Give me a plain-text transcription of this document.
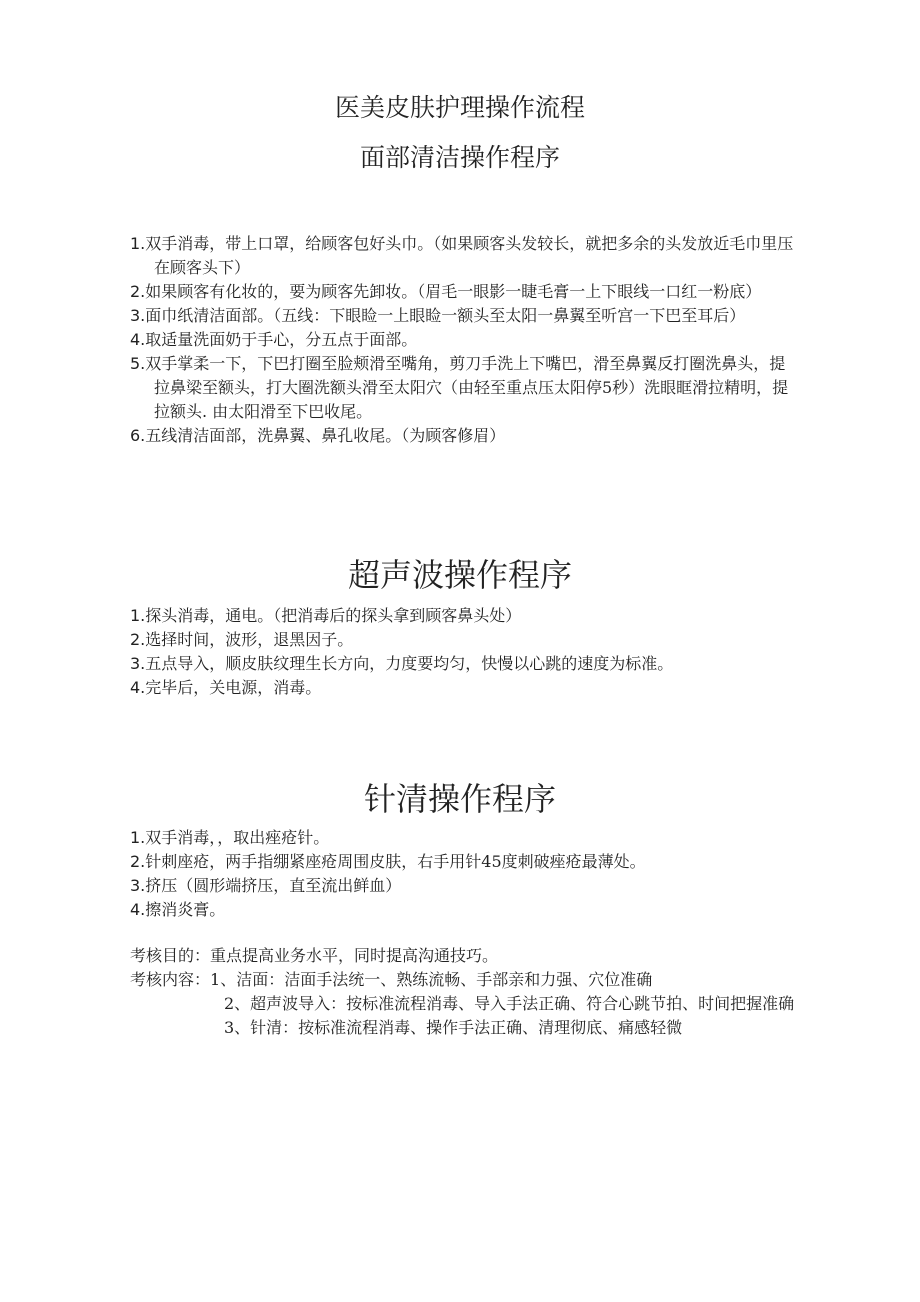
医美皮肤护理操作流程
面部清洁操作程序
1.双手消毒，带上口罩，给顾客包好头巾。（如果顾客头发较长，就把多余的头发放近毛巾里压在顾客头下）
2.如果顾客有化妆的，要为顾客先卸妆。（眉毛一眼影一睫毛膏一上下眼线一口红一粉底）
3.面巾纸清洁面部。（五线：下眼睑一上眼睑一额头至太阳一鼻翼至听宫一下巴至耳后）
4.取适量洗面奶于手心，分五点于面部。
5.双手掌柔一下，下巴打圈至脸颊滑至嘴角，剪刀手洗上下嘴巴，滑至鼻翼反打圈洗鼻头，提拉鼻梁至额头，打大圈洗额头滑至太阳穴（由轻至重点压太阳停5秒）洗眼眶滑拉精明，提拉额头. 由太阳滑至下巴收尾。
6.五线清洁面部，洗鼻翼、鼻孔收尾。（为顾客修眉）
超声波操作程序
1.探头消毒，通电。（把消毒后的探头拿到顾客鼻头处）
2.选择时间，波形，退黑因子。
3.五点导入，顺皮肤纹理生长方向，力度要均匀，快慢以心跳的速度为标准。
4.完毕后，关电源，消毒。
针清操作程序
1.双手消毒，，取出痤疮针。
2.针刺座疮，两手指绷紧座疮周围皮肤，右手用针45度刺破痤疮最薄处。
3.挤压（圆形端挤压，直至流出鲜血）
4.擦消炎膏。
考核目的：重点提高业务水平，同时提高沟通技巧。
考核内容：1、洁面：洁面手法统一、熟练流畅、手部亲和力强、穴位准确
2、超声波导入：按标准流程消毒、导入手法正确、符合心跳节拍、时间把握准确
3、针清：按标准流程消毒、操作手法正确、清理彻底、痛感轻微
